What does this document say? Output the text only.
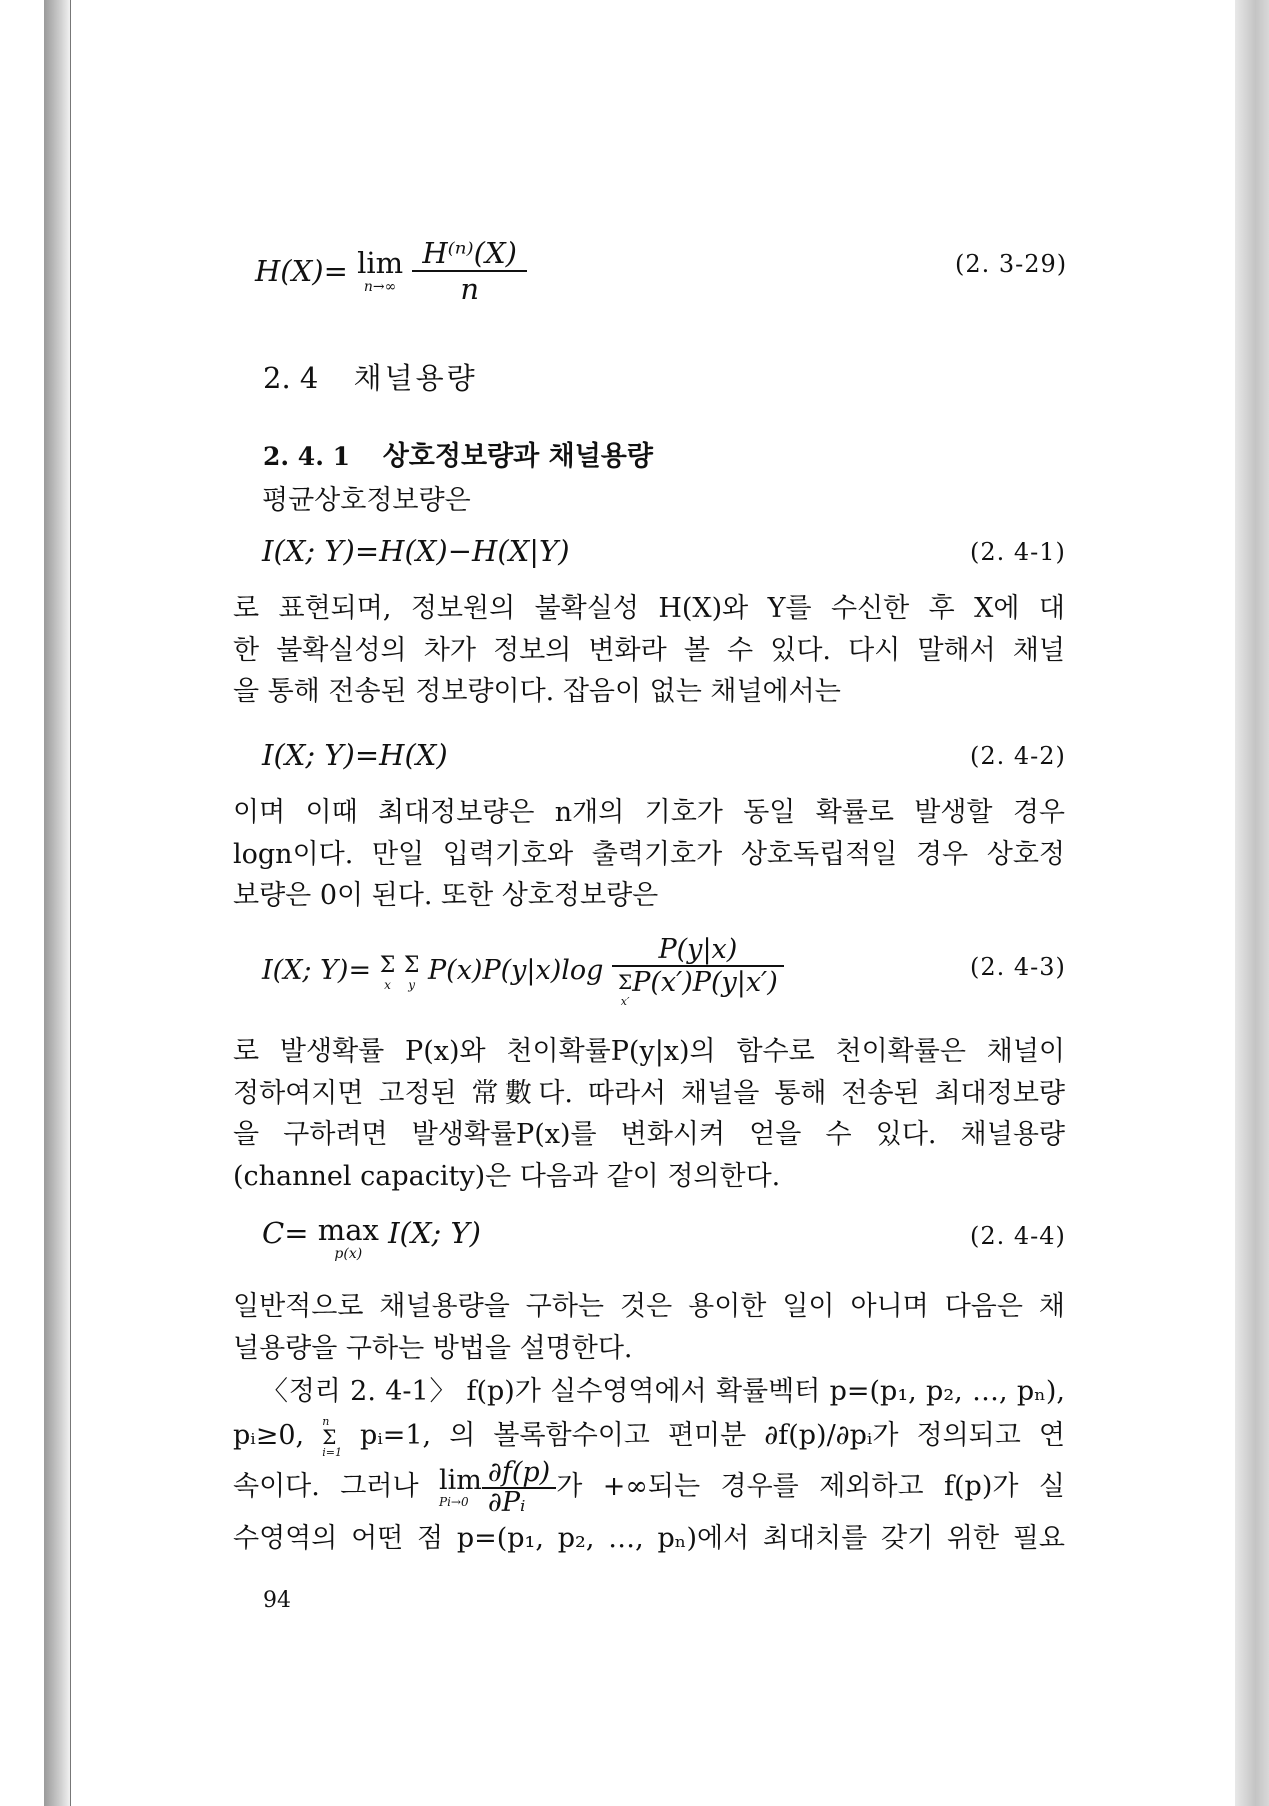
H(X)= lim
n→∞
$\frac{\text{H⁽ⁿ⁾(X)}}{n}$	(2. 3-29)
2. 4 채널용량
2. 4. 1 상호정보량과 채널용량
평균상호정보량은
I(X; Y)=H(X)−H(X|Y)	(2. 4-1)
로 표현되며, 정보원의 불확실성 H(X)와 Y를 수신한 후 X에 대
한 불확실성의 차가 정보의 변화라 볼 수 있다. 다시 말해서 채널
을 통해 전송된 정보량이다. 잡음이 없는 채널에서는
I(X; Y)=H(X)	(2. 4-2)
이며 이때 최대정보량은 n개의 기호가 동일 확률로 발생할 경우
logn이다. 만일 입력기호와 출력기호가 상호독립적일 경우 상호정
보량은 0이 된다. 또한 상호정보량은
I(X; Y)= Σ
x
Σ
y P(x)P(y|x)log P(y|x)
Σ
x′
P(x′)P(y|x′)	(2. 4-3)
로 발생확률 P(x)와 천이확률P(y|x)의 함수로 천이확률은 채널이
정하여지면 고정된 常數다. 따라서 채널을 통해 전송된 최대정보량
을 구하려면 발생확률P(x)를 변화시켜 얻을 수 있다. 채널용량
(channel capacity)은 다음과 같이 정의한다.
C= max
p(x)
I(X; Y)	(2. 4-4)
일반적으로 채널용량을 구하는 것은 용이한 일이 아니며 다음은 채
널용량을 구하는 방법을 설명한다.
〈정리 2. 4-1〉 f(p)가 실수영역에서 확률벡터 p=(p₁, p₂, …, pₙ),
pᵢ≥0, n
Σ
i=1
pᵢ=1, 의 볼록함수이고 편미분 ∂f(p)/∂pᵢ가 정의되고 연
속이다. 그러나 lim
$Pi\to 0 \frac{\partial f(p)}{\text{∂Pᵢ}}$ 가 +∞되는 경우를 제외하고 f(p)가 실
수영역의 어떤 점 p=(p₁, p₂, …, pₙ)에서 최대치를 갖기 위한 필요
94
